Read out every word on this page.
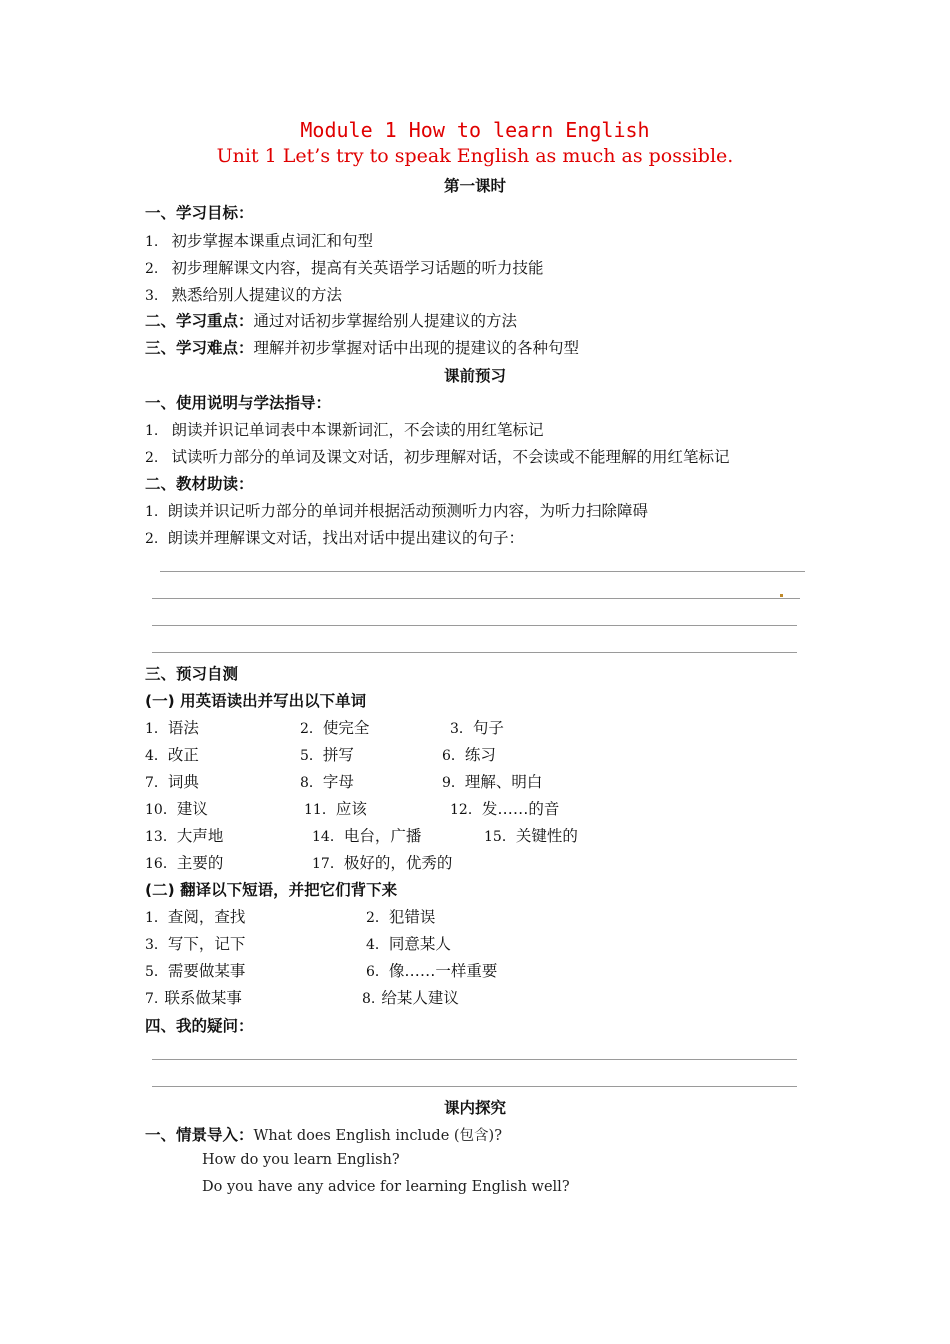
Module 1 How to learn English
Unit 1 Let’s try to speak English as much as possible.
第一课时
一、学习目标：
1. 初步掌握本课重点词汇和句型
2. 初步理解课文内容，提高有关英语学习话题的听力技能
3. 熟悉给别人提建议的方法
二、学习重点：通过对话初步掌握给别人提建议的方法
三、学习难点：理解并初步掌握对话中出现的提建议的各种句型
课前预习
一、使用说明与学法指导：
1. 朗读并识记单词表中本课新词汇，不会读的用红笔标记
2. 试读听力部分的单词及课文对话，初步理解对话，不会读或不能理解的用红笔标记
二、教材助读：
1. 朗读并识记听力部分的单词并根据活动预测听力内容，为听力扫除障碍
2. 朗读并理解课文对话，找出对话中提出建议的句子：
三、预习自测
(一) 用英语读出并写出以下单词
1．语法	2．使完全	3．句子
4．改正	5．拼写	6．练习
7．词典	8．字母	9．理解、明白
10．建议	11．应该	12．发……的音
13．大声地	14．电台，广播	15．关键性的
16．主要的	17．极好的，优秀的
(二) 翻译以下短语，并把它们背下来
1．查阅，查找	2．犯错误
3．写下，记下	4．同意某人
5．需要做某事	6．像……一样重要
7. 联系做某事	8. 给某人建议
四、我的疑问：
课内探究
一、情景导入：What does English include (包含)?
How do you learn English?
Do you have any advice for learning English well?
